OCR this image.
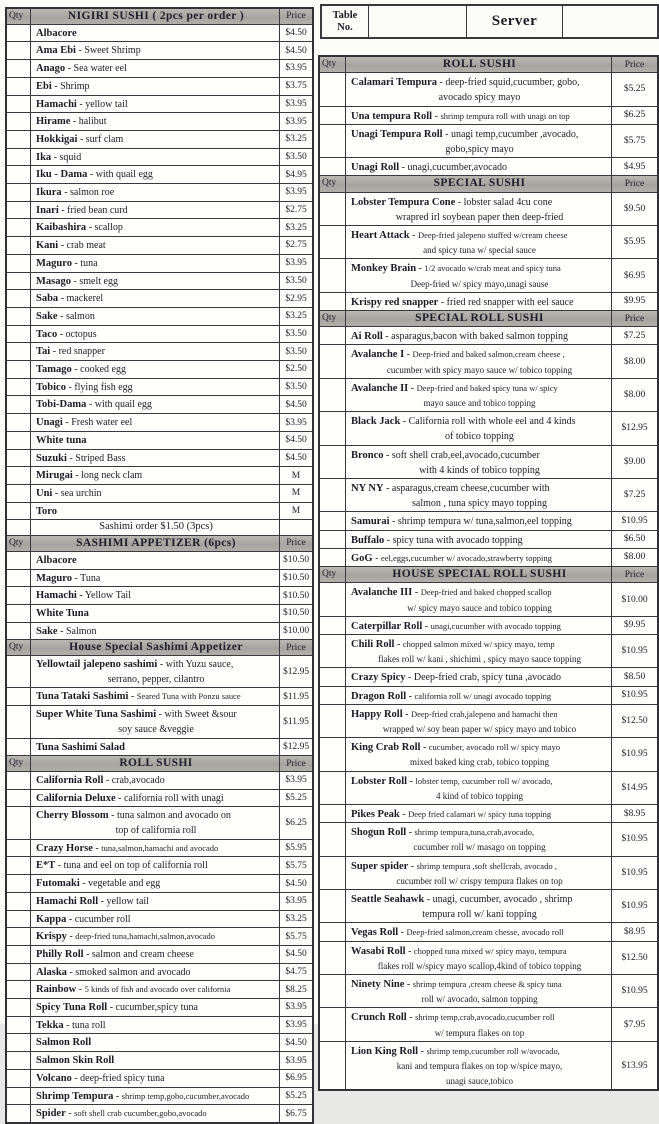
Table
No.	Server
Qty	NIGIRI SUSHI ( 2pcs per order )	Price
Albacore	$4.50
Ama Ebi - Sweet Shrimp	$4.50
Anago - Sea water eel	$3.95
Ebi - Shrimp	$3.75
Hamachi - yellow tail	$3.95
Hirame - halibut	$3.95
Hokkigai - surf clam	$3.25
Ika - squid	$3.50
Iku - Dama - with quail egg	$4.95
Ikura - salmon roe	$3.95
Inari - fried bean curd	$2.75
Kaibashira - scallop	$3.25
Kani - crab meat	$2.75
Maguro - tuna	$3.95
Masago - smelt egg	$3.50
Saba - mackerel	$2.95
Sake - salmon	$3.25
Taco - octopus	$3.50
Tai - red snapper	$3.50
Tamago - cooked egg	$2.50
Tobico - flying fish egg	$3.50
Tobi-Dama - with quail egg	$4.50
Unagi - Fresh water eel	$3.95
White tuna	$4.50
Suzuki - Striped Bass	$4.50
Mirugai - long neck clam	M
Uni - sea urchin	M
Toro	M
Sashimi order $1.50 (3pcs)
Qty	SASHIMI APPETIZER (6pcs)	Price
Albacore	$10.50
Maguro - Tuna	$10.50
Hamachi - Yellow Tail	$10.50
White Tuna	$10.50
Sake - Salmon	$10.00
Qty	House Special Sashimi Appetizer	Price
Yellowtail jalepeno sashimi - with Yuzu sauce,
serrano, pepper, cilantro
$12.95
Tuna Tataki Sashimi - Seared Tuna with Ponzu sauce	$11.95
Super White Tuna Sashimi - with Sweet &sour
soy sauce &veggie
$11.95
Tuna Sashimi Salad	$12.95
Qty	ROLL SUSHI	Price
California Roll - crab,avocado	$3.95
California Deluxe - california roll with unagi	$5.25
Cherry Blossom - tuna salmon and avocado on
top of california roll
$6.25
Crazy Horse - tuna,salmon,hamachi and avocado	$5.95
E*T - tuna and eel on top of california roll	$5.75
Futomaki - vegetable and egg	$4.50
Hamachi Roll - yellow tail	$3.95
Kappa - cucumber roll	$3.25
Krispy - deep-fried tuna,hamachi,salmon,avocado	$5.75
Philly Roll - salmon and cream cheese	$4.50
Alaska - smoked salmon and avocado	$4.75
Rainbow - 5 kinds of fish and avocado over california	$8.25
Spicy Tuna Roll - cucumber,spicy tuna	$3.95
Tekka - tuna roll	$3.95
Salmon Roll	$4.50
Salmon Skin Roll	$3.95
Volcano - deep-fried spicy tuna	$6.95
Shrimp Tempura - shrimp temp,gobo,cucumber,avocado	$5.25
Spider - soft shell crab cucumber,gobo,avocado	$6.75
Qty	ROLL SUSHI	Price
Calamari Tempura - deep-fried squid,cucumber, gobo,
avocado spicy mayo
$5.25
Una tempura Roll - shrimp tempura roll with unagi on top	$6.25
Unagi Tempura Roll - unagi temp,cucumber ,avocado,
gobo,spicy mayo
$5.75
Unagi Roll - unagi,cucumber,avocado	$4.95
Qty	SPECIAL SUSHI	Price
Lobster Tempura Cone - lobster salad 4cu cone
wrapred irl soybean paper then deep-fried
$9.50
Heart Attack - Deep-fried jalepeno stuffed w/cream cheese
and spicy tuna w/ special sauce
$5.95
Monkey Brain - 1/2 avocado w/crab meat and spicy tuna
Deep-fried w/ spicy mayo,unagi sause
$6.95
Krispy red snapper - fried red snapper with eel sauce	$9.95
Qty	SPECIAL ROLL SUSHI	Price
Ai Roll - asparagus,bacon with baked salmon topping	$7.25
Avalanche I - Deep-fried and baked salmon,cream cheese ,
cucumber with spicy mayo sauce w/ tobico topping
$8.00
Avalanche II - Deep-fried and baked spicy tuna w/ spicy
mayo sauce and tobico topping
$8.00
Black Jack - California roll with whole eel and 4 kinds
of tobico topping
$12.95
Bronco - soft shell crab,eel,avocado,cucumber
with 4 kinds of tobico topping
$9.00
NY NY - asparagus,cream cheese,cucumber with
salmon , tuna spicy mayo topping
$7.25
Samurai - shrimp tempura w/ tuna,salmon,eel topping	$10.95
Buffalo - spicy tuna with avocado topping	$6.50
GoG - eel,eggs,cucumber w/ avocado,strawberry topping	$8.00
Qty	HOUSE SPECIAL ROLL SUSHI	Price
Avalanche III - Deep-fried and baked chopped scallop
w/ spicy mayo sauce and tobico topping
$10.00
Caterpillar Roll - unagi,cucumber with avocado topping	$9.95
Chili Roll - chopped salmon mixed w/ spicy mayo, temp
flakes roll w/ kani , shichimi , spicy mayo sauce topping
$10.95
Crazy Spicy - Deep-fried crab, spicy tuna ,avocado	$8.50
Dragon Roll - california roll w/ unagi avocado topping	$10.95
Happy Roll - Deep-fried crab,jalepeno and hamachi then
wrapped w/ soy bean paper w/ spicy mayo and tobico
$12.50
King Crab Roll - cucumber, avocado roll w/ spicy mayo
mixed baked king crab, tobico topping
$10.95
Lobster Roll - lobster temp, cucumber roll w/ avocado,
4 kind of tobico topping
$14.95
Pikes Peak - Deep fried calamari w/ spicy tuna topping	$8.95
Shogun Roll - shrimp tempura,tuna,crab,avocado,
cucumber roll w/ masago on topping
$10.95
Super spider - shrimp tempura ,soft shellcrab, avocado ,
cucumber roll w/ crispy tempura flakes on top
$10.95
Seattle Seahawk - unagi, cucumber, avocado , shrimp
tempura roll w/ kani topping
$10.95
Vegas Roll - Deep-fried salmon,cream chesse, avocado roll	$8.95
Wasabi Roll - chopped tuna mixed w/ spicy mayo, tempura
flakes roll w/spicy mayo scallop,4kind of tobico topping
$12.50
Ninety Nine - shrimp tempura ,cream cheese & spicy tuna
roll w/ avocado, salmon topping
$10.95
Crunch Roll - shrimp temp,crab,avocado,cucumber roll
w/ tempura flakes on top
$7.95
Lion King Roll - shrimp temp,cucumber roll w/avocado,
kani and tempura flakes on top w/spice mayo,
unagi sauce,tobico
$13.95
